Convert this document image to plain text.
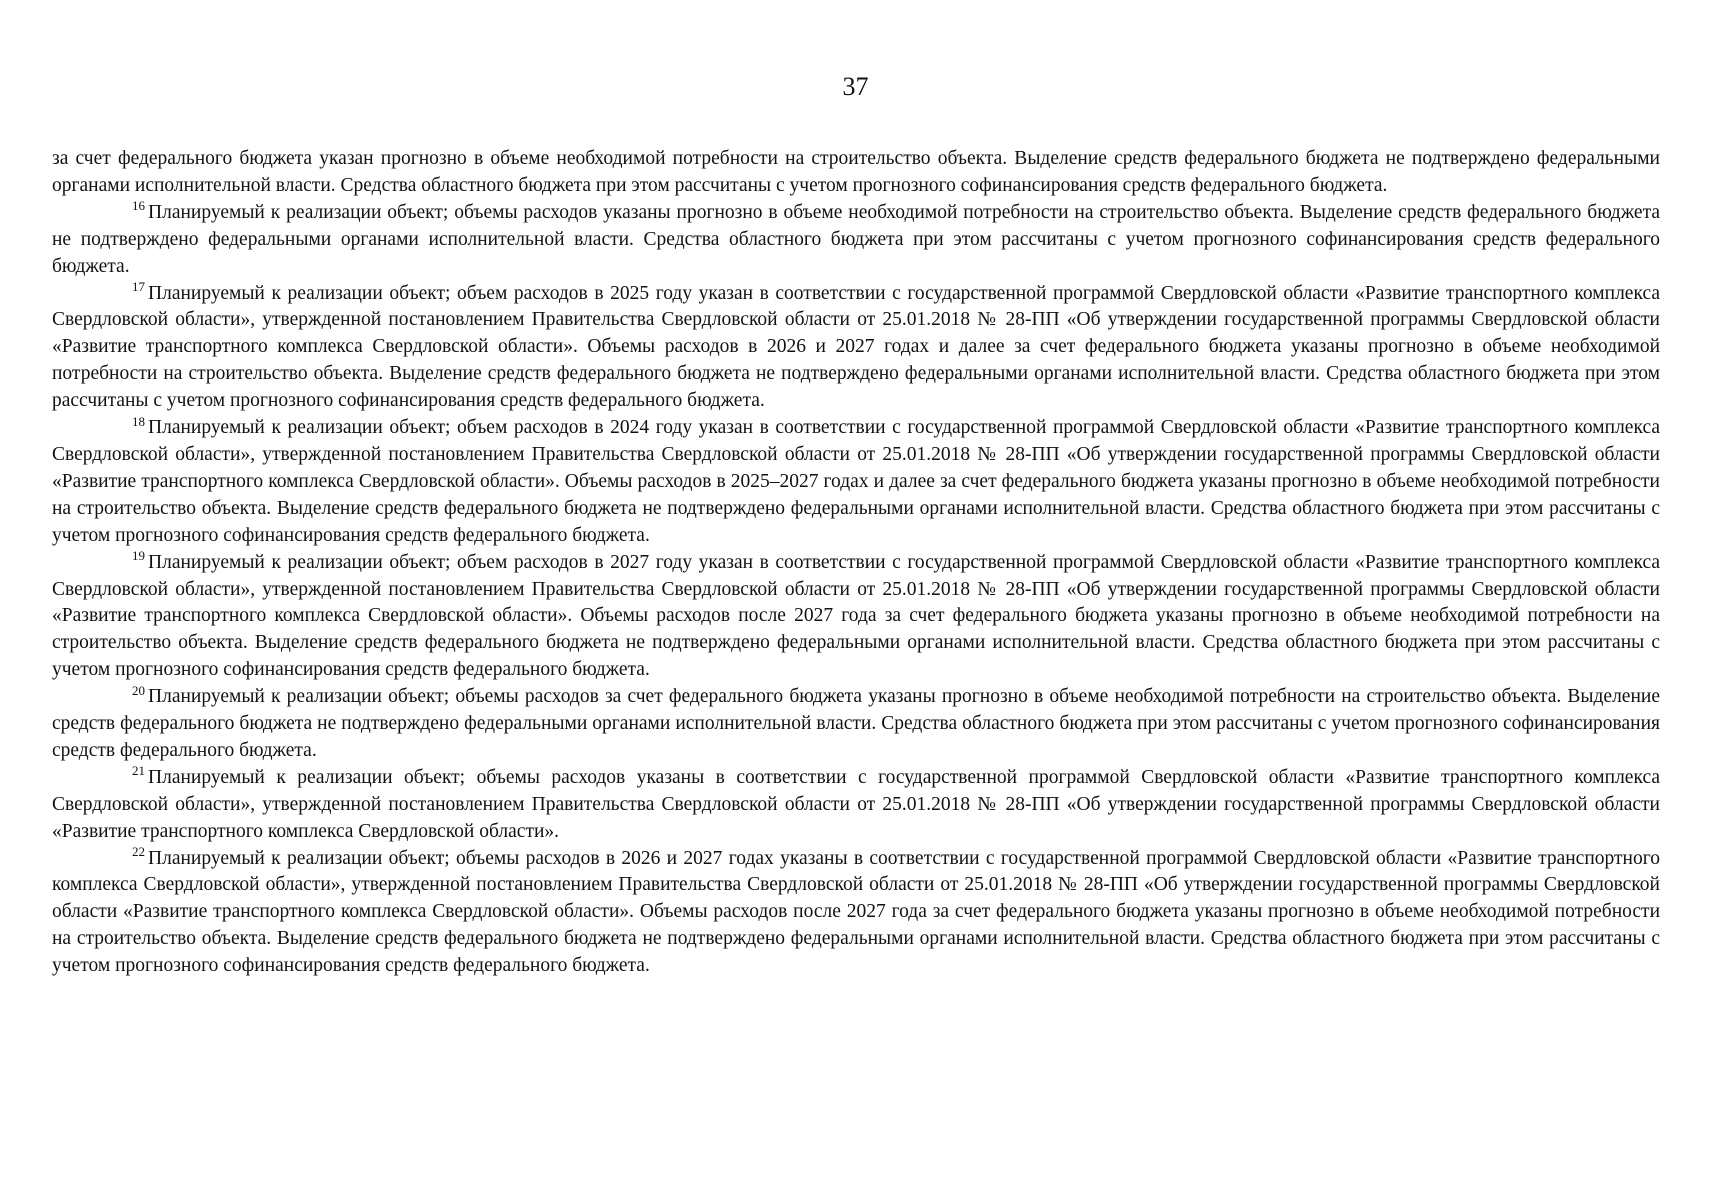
37

за счет федерального бюджета указан прогнозно в объеме необходимой потребности на строительство объекта. Выделение средств федерального бюджета не подтверждено федеральными органами исполнительной власти. Средства областного бюджета при этом рассчитаны с учетом прогнозного софинансирования средств федерального бюджета.

$^{16}$ Планируемый к реализации объект; объемы расходов указаны прогнозно в объеме необходимой потребности на строительство объекта. Выделение средств федерального бюджета не подтверждено федеральными органами исполнительной власти. Средства областного бюджета при этом рассчитаны с учетом прогнозного софинансирования средств федерального бюджета.

$^{17}$ Планируемый к реализации объект; объем расходов в 2025 году указан в соответствии с государственной программой Свердловской области «Развитие транспортного комплекса Свердловской области», утвержденной постановлением Правительства Свердловской области от 25.01.2018 № 28-ПП «Об утверждении государственной программы Свердловской области «Развитие транспортного комплекса Свердловской области». Объемы расходов в 2026 и 2027 годах и далее за счет федерального бюджета указаны прогнозно в объеме необходимой потребности на строительство объекта. Выделение средств федерального бюджета не подтверждено федеральными органами исполнительной власти. Средства областного бюджета при этом рассчитаны с учетом прогнозного софинансирования средств федерального бюджета.

$^{18}$ Планируемый к реализации объект; объем расходов в 2024 году указан в соответствии с государственной программой Свердловской области «Развитие транспортного комплекса Свердловской области», утвержденной постановлением Правительства Свердловской области от 25.01.2018 № 28-ПП «Об утверждении государственной программы Свердловской области «Развитие транспортного комплекса Свердловской области». Объемы расходов в 2025–2027 годах и далее за счет федерального бюджета указаны прогнозно в объеме необходимой потребности на строительство объекта. Выделение средств федерального бюджета не подтверждено федеральными органами исполнительной власти. Средства областного бюджета при этом рассчитаны с учетом прогнозного софинансирования средств федерального бюджета.

$^{19}$ Планируемый к реализации объект; объем расходов в 2027 году указан в соответствии с государственной программой Свердловской области «Развитие транспортного комплекса Свердловской области», утвержденной постановлением Правительства Свердловской области от 25.01.2018 № 28-ПП «Об утверждении государственной программы Свердловской области «Развитие транспортного комплекса Свердловской области». Объемы расходов после 2027 года за счет федерального бюджета указаны прогнозно в объеме необходимой потребности на строительство объекта. Выделение средств федерального бюджета не подтверждено федеральными органами исполнительной власти. Средства областного бюджета при этом рассчитаны с учетом прогнозного софинансирования средств федерального бюджета.

$^{20}$ Планируемый к реализации объект; объемы расходов за счет федерального бюджета указаны прогнозно в объеме необходимой потребности на строительство объекта. Выделение средств федерального бюджета не подтверждено федеральными органами исполнительной власти. Средства областного бюджета при этом рассчитаны с учетом прогнозного софинансирования средств федерального бюджета.

$^{21}$ Планируемый к реализации объект; объемы расходов указаны в соответствии с государственной программой Свердловской области «Развитие транспортного комплекса Свердловской области», утвержденной постановлением Правительства Свердловской области от 25.01.2018 № 28-ПП «Об утверждении государственной программы Свердловской области «Развитие транспортного комплекса Свердловской области».

$^{22}$ Планируемый к реализации объект; объемы расходов в 2026 и 2027 годах указаны в соответствии с государственной программой Свердловской области «Развитие транспортного комплекса Свердловской области», утвержденной постановлением Правительства Свердловской области от 25.01.2018 № 28-ПП «Об утверждении государственной программы Свердловской области «Развитие транспортного комплекса Свердловской области». Объемы расходов после 2027 года за счет федерального бюджета указаны прогнозно в объеме необходимой потребности на строительство объекта. Выделение средств федерального бюджета не подтверждено федеральными органами исполнительной власти. Средства областного бюджета при этом рассчитаны с учетом прогнозного софинансирования средств федерального бюджета.
